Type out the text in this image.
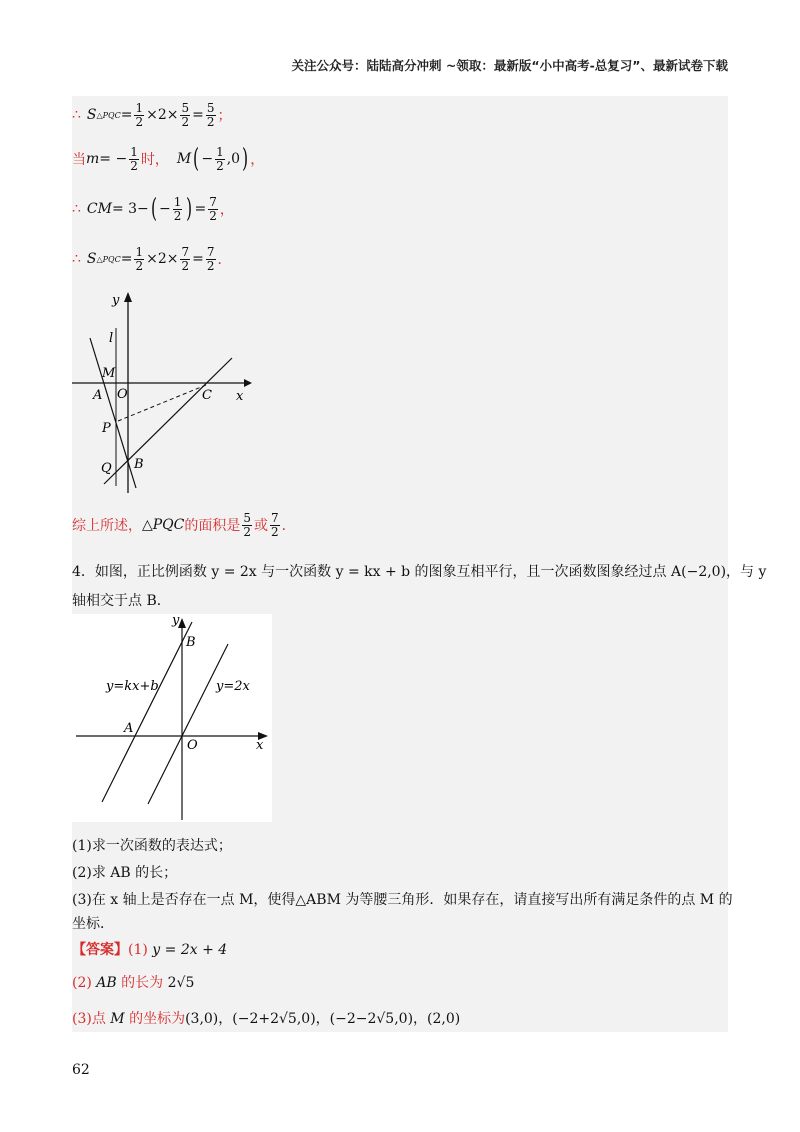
关注公众号：陆陆高分冲刺 ~领取：最新版“小中高考-总复习”、最新试卷下载
∴ S △PQC = $\frac{1}{2} \times 2\times \frac{5}{2} = \frac{5}{2}$ ；
当 m = − $\frac{1}{2}$ 时， M ( − $\frac{1}{2} ,0$ ) ，
∴ CM = 3− ( − $\frac{1}{2}$ ) = $\frac{7}{2}$ ，
∴ S △PQC = $\frac{1}{2} \times 2\times \frac{7}{2} = \frac{7}{2}$ ．
y
l
M
A O	C x
P
Q B
综上所述， △PQC 的面积是 $\frac{5}{2}$ 或 $\frac{7}{2}$ ．
4．如图，正比例函数 y = 2x 与一次函数 y = kx + b 的图象互相平行，且一次函数图象经过点 A(−2,0)，与 y
轴相交于点 B．
y
B
y=kx+b	y=2x
A
O	x
(1)求一次函数的表达式；
(2)求 AB 的长；
(3)在 x 轴上是否存在一点 M，使得△ABM 为等腰三角形．如果存在，请直接写出所有满足条件的点 M 的
坐标．
【答案】(1) y = 2x + 4
(2) AB 的长为 2√5
(3)点 M 的坐标为(3,0)，(−2+2√5,0)，(−2−2√5,0)，(2,0)
62
